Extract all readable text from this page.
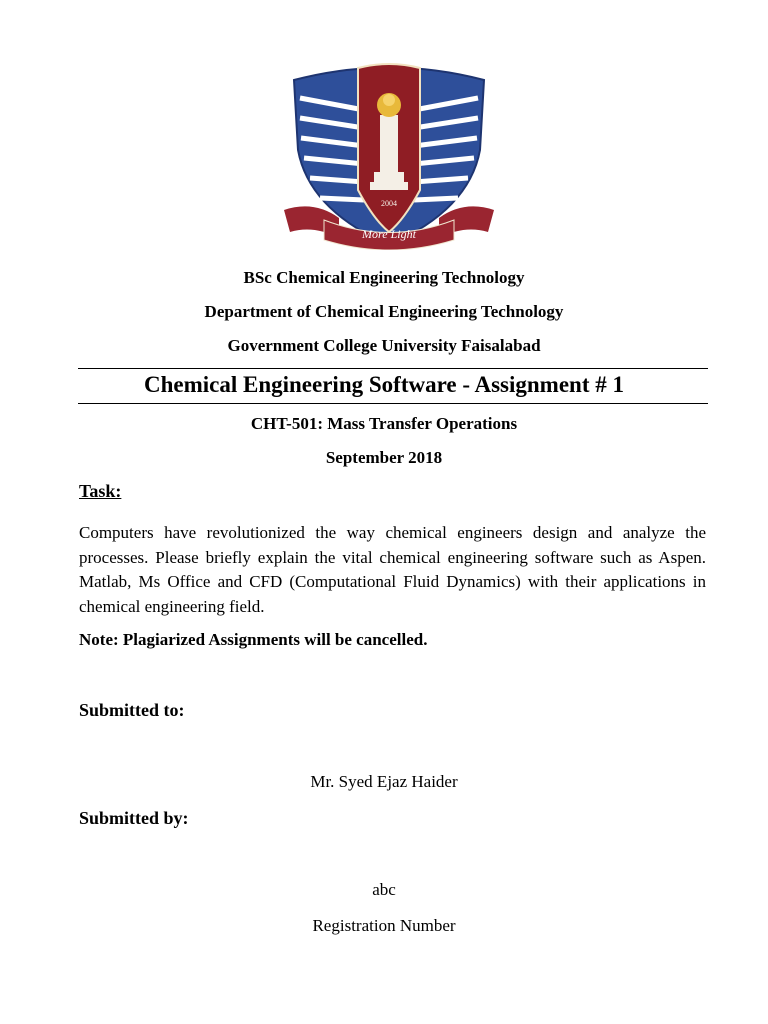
2004
More Light
BSc Chemical Engineering Technology
Department of Chemical Engineering Technology
Government College University Faisalabad
Chemical Engineering Software - Assignment # 1
CHT-501: Mass Transfer Operations
September 2018
Task:
Computers have revolutionized the way chemical engineers design and analyze the processes. Please briefly explain the vital chemical engineering software such as Aspen. Matlab, Ms Office and CFD (Computational Fluid Dynamics) with their applications in chemical engineering field.
Note: Plagiarized Assignments will be cancelled.
Submitted to:
Mr. Syed Ejaz Haider
Submitted by:
abc
Registration Number
